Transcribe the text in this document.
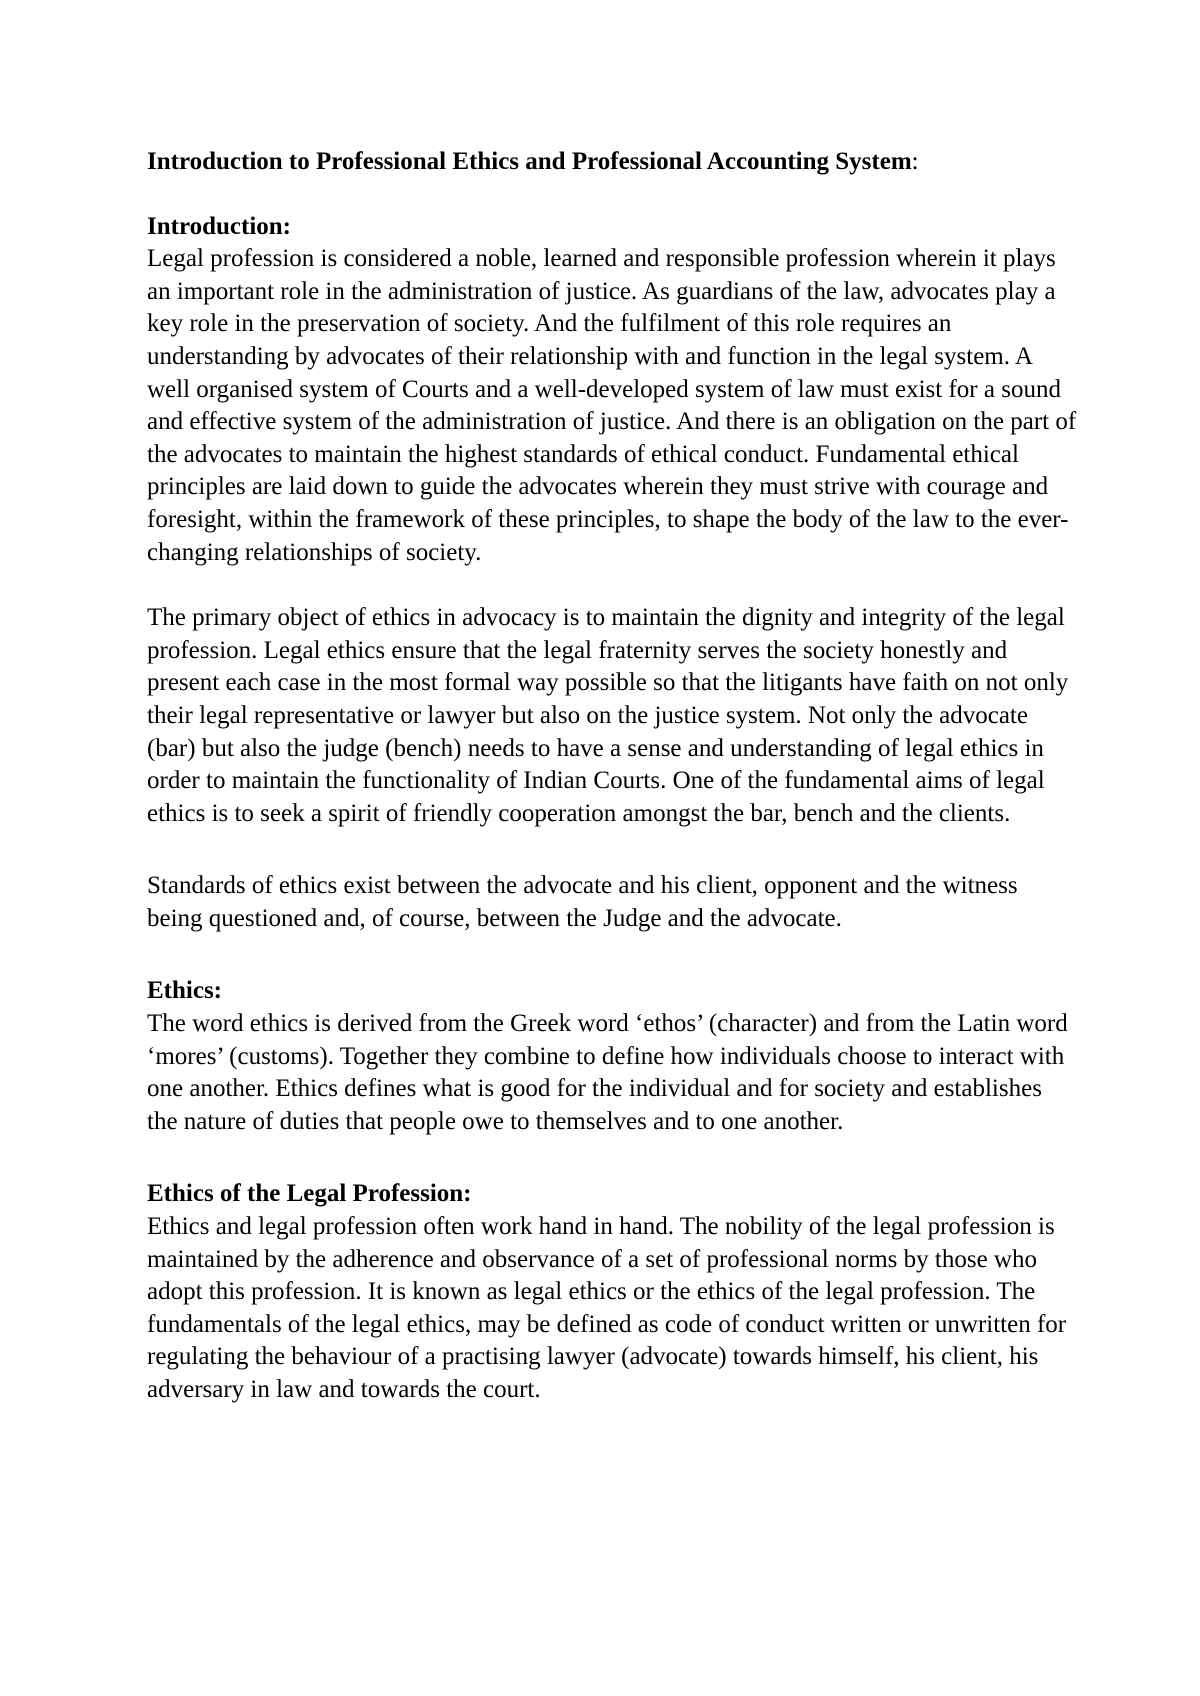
Introduction to Professional Ethics and Professional Accounting System:

Introduction:
Legal profession is considered a noble, learned and responsible profession wherein it plays an important role in the administration of justice. As guardians of the law, advocates play a key role in the preservation of society. And the fulfilment of this role requires an understanding by advocates of their relationship with and function in the legal system. A well organised system of Courts and a well-developed system of law must exist for a sound and effective system of the administration of justice. And there is an obligation on the part of the advocates to maintain the highest standards of ethical conduct. Fundamental ethical principles are laid down to guide the advocates wherein they must strive with courage and foresight, within the framework of these principles, to shape the body of the law to the ever-changing relationships of society.
The primary object of ethics in advocacy is to maintain the dignity and integrity of the legal profession. Legal ethics ensure that the legal fraternity serves the society honestly and present each case in the most formal way possible so that the litigants have faith on not only their legal representative or lawyer but also on the justice system. Not only the advocate (bar) but also the judge (bench) needs to have a sense and understanding of legal ethics in order to maintain the functionality of Indian Courts. One of the fundamental aims of legal ethics is to seek a spirit of friendly cooperation amongst the bar, bench and the clients.
Standards of ethics exist between the advocate and his client, opponent and the witness being questioned and, of course, between the Judge and the advocate.
Ethics:
The word ethics is derived from the Greek word ‘ethos’ (character) and from the Latin word ‘mores’ (customs). Together they combine to define how individuals choose to interact with one another. Ethics defines what is good for the individual and for society and establishes the nature of duties that people owe to themselves and to one another.
Ethics of the Legal Profession:
Ethics and legal profession often work hand in hand. The nobility of the legal profession is maintained by the adherence and observance of a set of professional norms by those who adopt this profession. It is known as legal ethics or the ethics of the legal profession. The fundamentals of the legal ethics, may be defined as code of conduct written or unwritten for regulating the behaviour of a practising lawyer (advocate) towards himself, his client, his adversary in law and towards the court.
